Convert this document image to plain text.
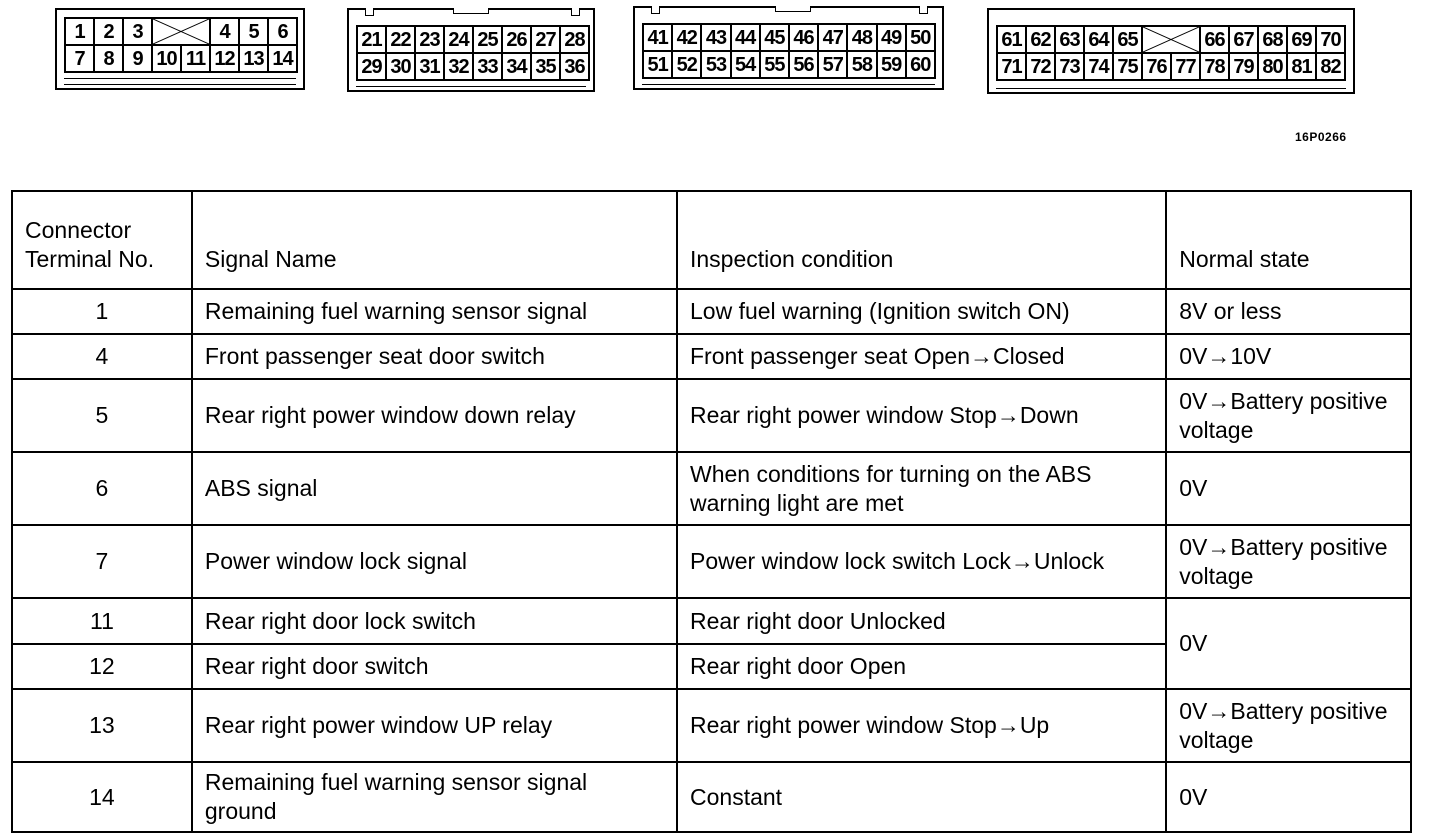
1 2 3	4 5 6
7 8 9 10 11 12 13 14
21 22 23 24 25 26 27 28
29 30 31 32 33 34 35 36
41 42 43 44 45 46 47 48 49 50
51 52 53 54 55 56 57 58 59 60
61 62 63 64 65	66 67 68 69 70
71 72 73 74 75 76 77 78 79 80 81 82
16P0266
Connector
Terminal No.	Signal Name	Inspection condition	Normal state
1	Remaining fuel warning sensor signal	Low fuel warning (Ignition switch ON)	8V or less
4	Front passenger seat door switch	Front passenger seat Open→Closed	0V→10V
5	Rear right power window down relay	Rear right power window Stop→Down	0V→Battery positive voltage
6	ABS signal	When conditions for turning on the ABS warning light are met	0V
7	Power window lock signal	Power window lock switch Lock→Unlock	0V→Battery positive voltage
11	Rear right door lock switch	Rear right door Unlocked	0V
12	Rear right door switch	Rear right door Open	
13	Rear right power window UP relay	Rear right power window Stop→Up	0V→Battery positive voltage
14	Remaining fuel warning sensor signal ground	Constant	0V
